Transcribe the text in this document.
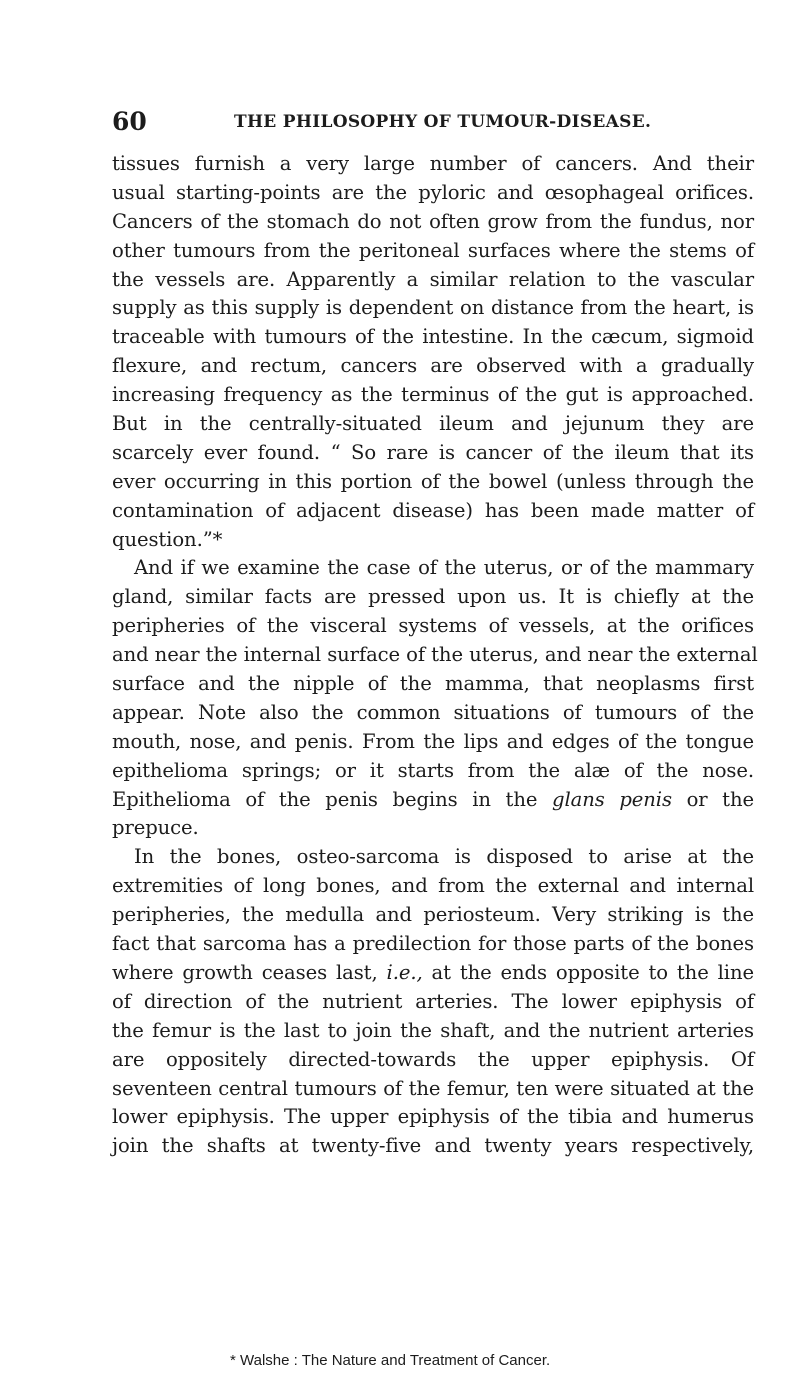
60	THE PHILOSOPHY OF TUMOUR-DISEASE.
tissues furnish a very large number of cancers. And their
usual starting-points are the pyloric and œsophageal orifices.
Cancers of the stomach do not often grow from the fundus, nor
other tumours from the peritoneal surfaces where the stems of
the vessels are. Apparently a similar relation to the vascular
supply as this supply is dependent on distance from the heart, is
traceable with tumours of the intestine. In the cæcum, sigmoid
flexure, and rectum, cancers are observed with a gradually
increasing frequency as the terminus of the gut is approached.
But in the centrally-situated ileum and jejunum they are
scarcely ever found. “ So rare is cancer of the ileum that its
ever occurring in this portion of the bowel (unless through the
contamination of adjacent disease) has been made matter of
question.”*
And if we examine the case of the uterus, or of the mammary
gland, similar facts are pressed upon us. It is chiefly at the
peripheries of the visceral systems of vessels, at the orifices
and near the internal surface of the uterus, and near the external
surface and the nipple of the mamma, that neoplasms first
appear. Note also the common situations of tumours of the
mouth, nose, and penis. From the lips and edges of the tongue
epithelioma springs; or it starts from the alæ of the nose.
Epithelioma of the penis begins in the glans penis or the
prepuce.
In the bones, osteo-sarcoma is disposed to arise at the
extremities of long bones, and from the external and internal
peripheries, the medulla and periosteum. Very striking is the
fact that sarcoma has a predilection for those parts of the bones
where growth ceases last, i.e., at the ends opposite to the line
of direction of the nutrient arteries. The lower epiphysis of
the femur is the last to join the shaft, and the nutrient arteries
are oppositely directed-towards the upper epiphysis. Of
seventeen central tumours of the femur, ten were situated at the
lower epiphysis. The upper epiphysis of the tibia and humerus
join the shafts at twenty-five and twenty years respectively,
* Walshe : The Nature and Treatment of Cancer.
